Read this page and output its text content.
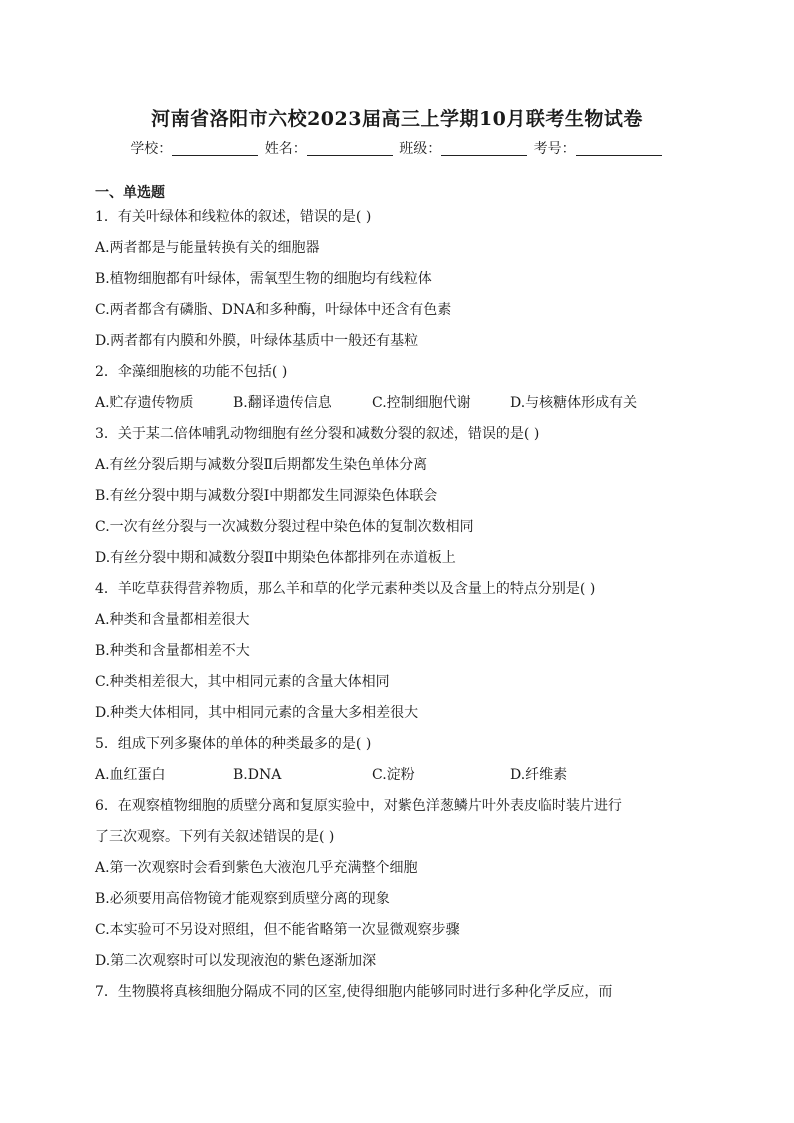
河南省洛阳市六校2023届高三上学期10月联考生物试卷
学校：	姓名：	班级：	考号：
一、单选题
1．有关叶绿体和线粒体的叙述，错误的是( )
A.两者都是与能量转换有关的细胞器
B.植物细胞都有叶绿体，需氧型生物的细胞均有线粒体
C.两者都含有磷脂、DNA和多种酶，叶绿体中还含有色素
D.两者都有内膜和外膜，叶绿体基质中一般还有基粒
2．伞藻细胞核的功能不包括( )
A.贮存遗传物质	B.翻译遗传信息	C.控制细胞代谢	D.与核糖体形成有关
3．关于某二倍体哺乳动物细胞有丝分裂和减数分裂的叙述，错误的是( )
A.有丝分裂后期与减数分裂Ⅱ后期都发生染色单体分离
B.有丝分裂中期与减数分裂Ⅰ中期都发生同源染色体联会
C.一次有丝分裂与一次减数分裂过程中染色体的复制次数相同
D.有丝分裂中期和减数分裂Ⅱ中期染色体都排列在赤道板上
4．羊吃草获得营养物质，那么羊和草的化学元素种类以及含量上的特点分别是( )
A.种类和含量都相差很大
B.种类和含量都相差不大
C.种类相差很大，其中相同元素的含量大体相同
D.种类大体相同，其中相同元素的含量大多相差很大
5．组成下列多聚体的单体的种类最多的是( )
A.血红蛋白	B.DNA	C.淀粉	D.纤维素
6．在观察植物细胞的质壁分离和复原实验中，对紫色洋葱鳞片叶外表皮临时装片进行
了三次观察。下列有关叙述错误的是( )
A.第一次观察时会看到紫色大液泡几乎充满整个细胞
B.必须要用高倍物镜才能观察到质壁分离的现象
C.本实验可不另设对照组，但不能省略第一次显微观察步骤
D.第二次观察时可以发现液泡的紫色逐渐加深
7．生物膜将真核细胞分隔成不同的区室,使得细胞内能够同时进行多种化学反应，而
